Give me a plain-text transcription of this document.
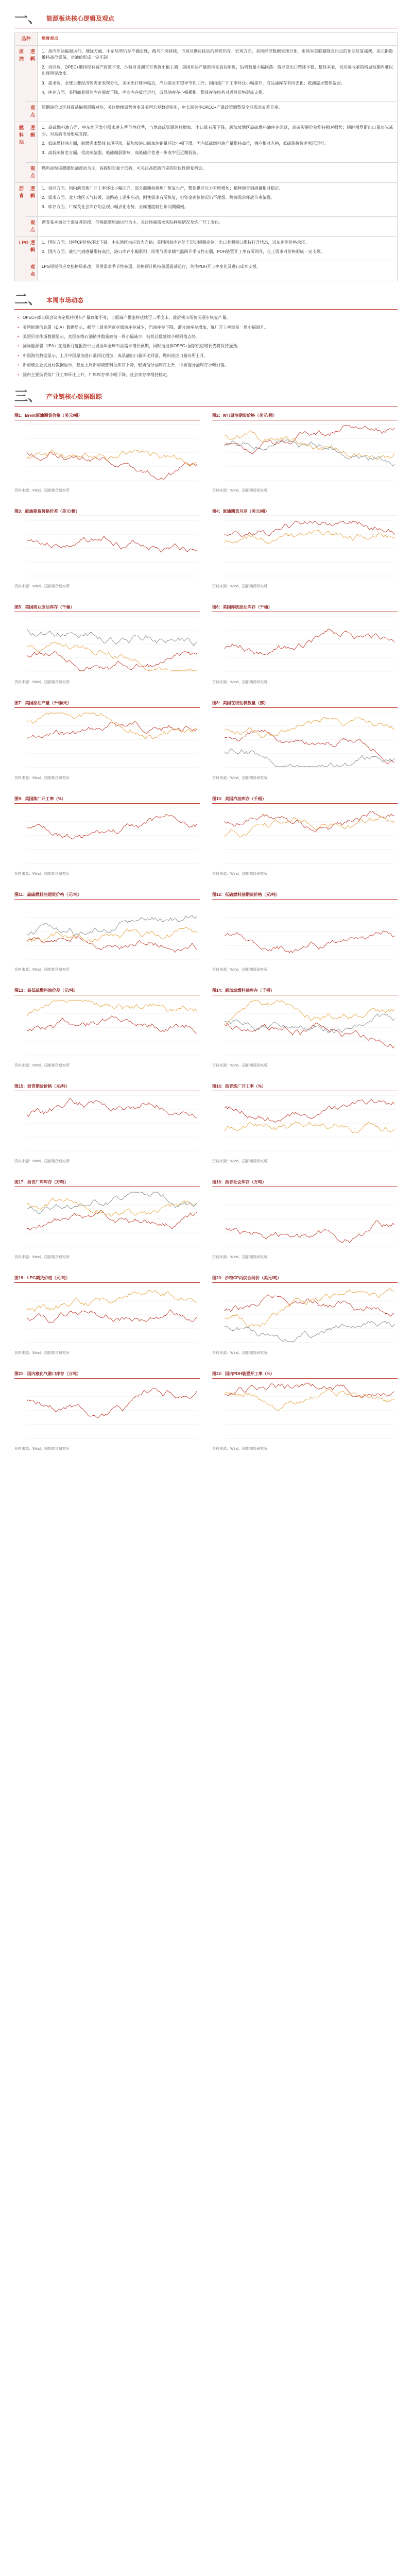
一、 能源板块核心逻辑及观点
品种		周度观点
原油	逻辑	1、周内原油偏强运行。地缘方面，中东局势仍存不确定性，俄乌冲突持续，市场对供应扰动的担忧仍在；宏观方面，美国经济数据表现分化，市场对美联储降息时点的预期反复摇摆，美元指数维持高位震荡，对油价形成一定压制。
2、供应端，OPEC+维持现有减产政策不变，沙特对亚洲官方售价小幅上调；美国原油产量维持在高位附近，钻机数量小幅回落；俄罗斯出口整体平稳。整体来看，供应端收紧的格局短期内难以出现明显改变。
3、需求端，全球主要经济体需求表现分化，美国出行旺季临近，汽油需求有望季节性回升；国内炼厂开工率环比小幅提升，成品油库存有所去化；欧洲需求整体偏弱。
4、库存方面，美国商业原油库存周度下降，库欣库存低位运行，成品油库存小幅累积，整体库存结构对近月价格形成支撑。

	观点	短期油价以区间震荡偏强思路对待，关注地缘局势演变及美国宏观数据指引，中长期关注OPEC+产量政策调整及全球需求复苏节奏。

燃料油	逻辑	1、高硫燃料油方面，中东地区发电需求进入季节性旺季，当地高硫资源消耗增加，出口量有所下降，新加坡地区高硫燃料油库存回落，高硫裂解价差维持相对强势；同时俄罗斯出口量边际减少，对高硫市场形成支撑。
2、低硫燃料油方面，船燃需求整体表现平淡，新加坡港口船加油销量环比小幅下滑，国内低硫燃料油产量维持高位，供应相对充裕，低硫裂解价差承压运行。
3、高低硫价差方面，受高硫偏强、低硫偏弱影响，高低硫价差进一步收窄至近期低位。

	观点	燃料油短期跟随原油波动为主，高硫相对强于低硫，可关注高低硫价差的阶段性修复机会。

沥青	逻辑	1、供应方面，国内沥青炼厂开工率环比小幅回升，部分前期检修炼厂恢复生产，整体供应压力有所增加；稀释沥青到港量相对稳定。
2、需求方面，北方地区天气转暖，道路施工逐步启动，刚性需求有所恢复，但资金到位情况仍不理想，终端需求释放节奏偏慢。
3、库存方面，厂库及社会库存均呈现小幅去化态势，去库速度较往年同期偏慢。

	观点	沥青基本面处于弱复苏阶段，价格跟随原油运行为主，关注终端需求实际释放情况及炼厂开工变化。

LPG	逻辑	1、国际方面，沙特CP价格环比下调，中东地区供应较为充裕；美国丙烷库存处于历史同期高位，出口套利窗口维持打开状态，远东到岸价格承压。
2、国内方面，液化气到港量维持高位，港口库存小幅累积；民用气需求随气温回升季节性走弱，PDH装置开工率有所回升，化工需求对价格形成一定支撑。

	观点	LPG短期供应宽松格局难改，民用需求季节性转弱，价格预计维持偏弱震荡运行，关注PDH开工率变化及进口成本支撑。
二、 本周市场动态
• OPEC+部长级会议决定维持现有产量政策不变，自愿减产措施将延续至二季度末，此后视市场情况逐步恢复产量。
• 美国能源信息署（EIA）数据显示，截至上周美国商业原油库存减少，汽油库存下降，馏分油库存增加，炼厂开工率较前一周小幅回升。
• 美国贝克休斯数据显示，美国在线石油钻井数量较前一周小幅减少，钻机总数延续小幅回落态势。
• 国际能源署（IEA）在最新月度报告中上调全年全球石油需求增长预期，同时指出非OPEC+国家供应增长仍将保持强劲。
• 中国海关数据显示，上月中国原油进口量同比增加，成品油出口量环比回落，燃料油进口量有所上升。
• 新加坡企业发展局数据显示，截至上周新加坡燃料油库存下降，轻质馏分油库存上升，中质馏分油库存小幅回落。
• 国内主要沥青炼厂开工率环比上升，厂库库存率小幅下降，社会库存率维持稳定。
三、 产业链核心数据跟踪
图1：Brent原油期货价格（美元/桶）
资料来源：Wind，国都期货研究所
图2：WTI原油期货价格（美元/桶）
资料来源：Wind，国都期货研究所
图3：原油期货价格价差（美元/桶）
资料来源：Wind，国都期货研究所
图4：原油期货月差（美元/桶）
资料来源：Wind，国都期货研究所
图5：美国商业原油库存（千桶）
资料来源：Wind，国都期货研究所
图6：美国库欣原油库存（千桶）
资料来源：Wind，国都期货研究所
图7：美国原油产量（千桶/天）
资料来源：Wind，国都期货研究所
图8：美国在线钻机数量（部）
资料来源：Wind，国都期货研究所
图9：美国炼厂开工率（%）
资料来源：Wind，国都期货研究所
图10：美国汽油库存（千桶）
资料来源：Wind，国都期货研究所
图11：高硫燃料油期货价格（元/吨）
资料来源：Wind，国都期货研究所
图12：低硫燃料油期货价格（元/吨）
资料来源：Wind，国都期货研究所
图13：高低硫燃料油价差（元/吨）
资料来源：Wind，国都期货研究所
图14：新加坡燃料油库存（千桶）
资料来源：Wind，国都期货研究所
图15：沥青期货价格（元/吨）
资料来源：Wind，国都期货研究所
图16：沥青炼厂开工率（%）
资料来源：Wind，国都期货研究所
图17：沥青厂库库存（万吨）
资料来源：Wind，国都期货研究所
图18：沥青社会库存（万吨）
资料来源：Wind，国都期货研究所
图19：LPG期货价格（元/吨）
资料来源：Wind，国都期货研究所
图20：沙特CP丙烷合同价（美元/吨）
资料来源：Wind，国都期货研究所
图21：国内液化气港口库存（万吨）
资料来源：Wind，国都期货研究所
图22：国内PDH装置开工率（%）
资料来源：Wind，国都期货研究所
